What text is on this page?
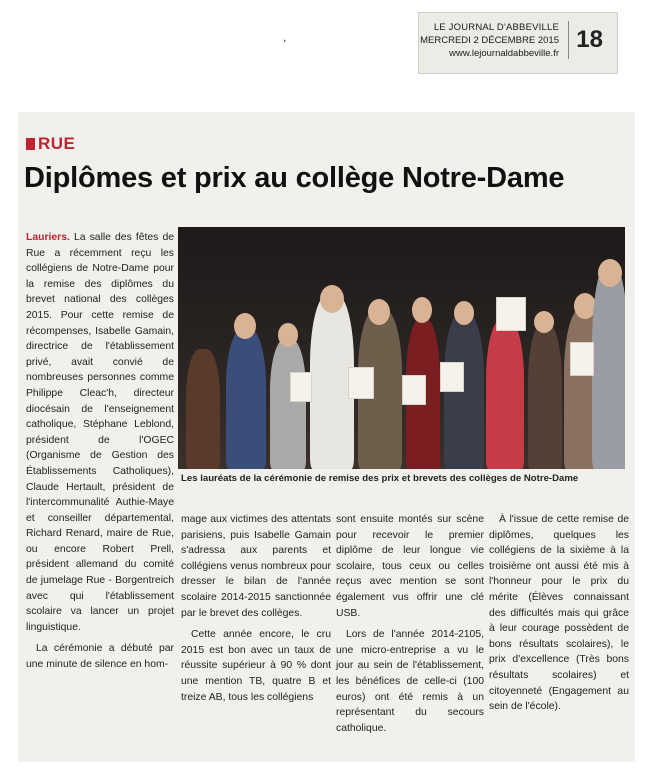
LE JOURNAL D'ABBEVILLE
MERCREDI 2 DÉCEMBRE 2015
www.lejournaldabbeville.fr
18
,
RUE
Diplômes et prix au collège Notre-Dame
Les lauréats de la cérémonie de remise des prix et brevets des collèges de Notre-Dame

Lauriers. La salle des fêtes de Rue a récemment reçu les collégiens de Notre-Dame pour la remise des diplômes du brevet national des collèges 2015. Pour cette remise de récompenses, Isabelle Gamain, directrice de l'établissement privé, avait convié de nombreuses personnes comme Philippe Cleac'h, directeur diocésain de l'enseignement catholique, Stéphane Leblond, président de l'OGEC (Organisme de Gestion des Établissements Catholiques), Claude Hertault, président de l'intercommunalité Authie-Maye et conseiller départemental, Richard Renard, maire de Rue, ou encore Robert Prell, président allemand du comité de jumelage Rue - Borgentreich avec qui l'établissement scolaire va lancer un projet linguistique.

La cérémonie a débuté par une minute de silence en hom-

mage aux victimes des attentats parisiens, puis Isabelle Gamain s'adressa aux parents et collégiens venus nombreux pour dresser le bilan de l'année scolaire 2014-2015 sanctionnée par le brevet des collèges.

Cette année encore, le cru 2015 est bon avec un taux de réussite supérieur à 90 % dont une mention TB, quatre B et treize AB, tous les collégiens

sont ensuite montés sur scène pour recevoir le premier diplôme de leur longue vie scolaire, tous ceux ou celles reçus avec mention se sont également vus offrir une clé USB.

Lors de l'année 2014-2105, une micro-entreprise a vu le jour au sein de l'établissement, les bénéfices de celle-ci (100 euros) ont été remis à un représentant du secours catholique.

À l'issue de cette remise de diplômes, quelques les collégiens de la sixième à la troisième ont aussi été mis à l'honneur pour le prix du mérite (Élèves connaissant des difficultés mais qui grâce à leur courage possèdent de bons résultats scolaires), le prix d'excellence (Très bons résultats scolaires) et citoyenneté (Engagement au sein de l'école).
